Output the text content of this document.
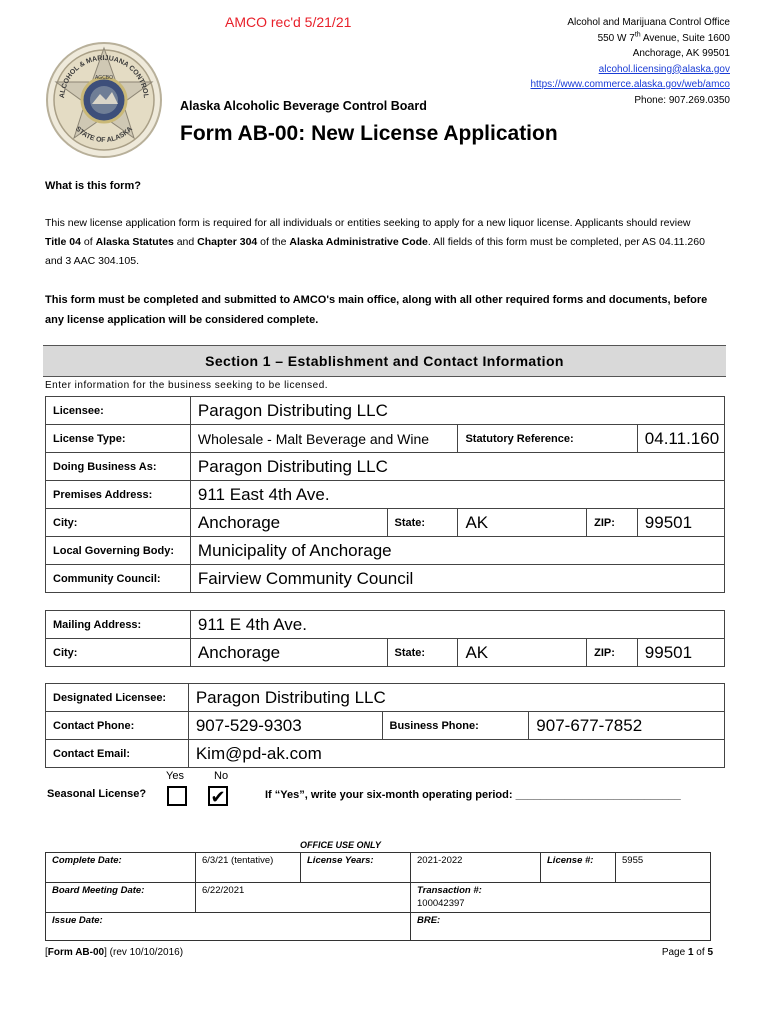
AMCO rec'd 5/21/21	Alcohol and Marijuana Control Office
550 W 7th Avenue, Suite 1600
Anchorage, AK 99501
alcohol.licensing@alaska.gov
https://www.commerce.alaska.gov/web/amco
Phone: 907.269.0350
ALCOHOL & MARIJUANA CONTROL
STATE OF ALASKA
AGCBO
Alaska Alcoholic Beverage Control Board
Form AB-00: New License Application
What is this form?
This new license application form is required for all individuals or entities seeking to apply for a new liquor license. Applicants should review Title 04 of Alaska Statutes and Chapter 304 of the Alaska Administrative Code. All fields of this form must be completed, per AS 04.11.260 and 3 AAC 304.105.
This form must be completed and submitted to AMCO's main office, along with all other required forms and documents, before any license application will be considered complete.
Section 1 – Establishment and Contact Information
Enter information for the business seeking to be licensed.
Licensee:	Paragon Distributing LLC				
License Type:	Wholesale - Malt Beverage and Wine		Statutory Reference:		04.11.160
Doing Business As:	Paragon Distributing LLC				
Premises Address:	911 East 4th Ave.				
City:	Anchorage	State:	AK	ZIP:	99501
Local Governing Body:	Municipality of Anchorage				
Community Council:	Fairview Community Council				
Mailing Address:	911 E 4th Ave.				
City:	Anchorage	State:	AK	ZIP:	99501
Designated Licensee:	Paragon Distributing LLC		
Contact Phone:	907-529-9303	Business Phone:	907-677-7852
Contact Email:	Kim@pd-ak.com		
Yes	No
Seasonal License?	✔	If “Yes”, write your six-month operating period: ___________________________
OFFICE USE ONLY
Complete Date:	6/3/21 (tentative)	License Years:	2021-2022	License #:	5955
Board Meeting Date:	6/22/2021		Transaction #:
100042397		

Issue Date:			BRE:		
[Form AB-00] (rev 10/10/2016)	Page 1 of 5
